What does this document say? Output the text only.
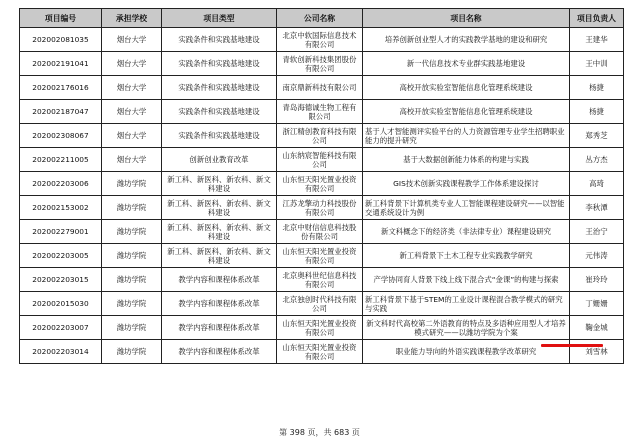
项目编号	承担学校	项目类型	公司名称	项目名称	项目负责人
202002081035	烟台大学	实践条件和实践基地建设	北京中软国际信息技术有限公司	培养创新创业型人才的实践教学基地的建设和研究	王建华
202002191041	烟台大学	实践条件和实践基地建设	青软创新科技集团股份有限公司	新一代信息技术专业群实践基地建设	王中训
202002176016	烟台大学	实践条件和实践基地建设	南京鼎新科技有限公司	高校开放实验室智能信息化管理系统建设	杨捷
202002187047	烟台大学	实践条件和实践基地建设	青岛海德诚生物工程有限公司	高校开放实验室智能信息化管理系统建设	杨捷
202002308067	烟台大学	实践条件和实践基地建设	浙江精创教育科技有限公司	基于人才智能测评实验平台的人力资源管理专业学生招聘职业能力的提升研究	郑秀芝
202002211005	烟台大学	创新创业教育改革	山东纳宸智能科技有限公司	基于大数据创新能力体系的构建与实践	丛方杰
202002203006	潍坊学院	新工科、新医科、新农科、新文科建设	山东恒天阳光置业投资有限公司	GIS技术创新实践课程教学工作体系建设探讨	高琦
202002153002	潍坊学院	新工科、新医科、新农科、新文科建设	江苏龙擎动力科技股份有限公司	新工科背景下计算机类专业人工智能课程建设研究——以智能交通系统设计为例	李秋潭
202002279001	潍坊学院	新工科、新医科、新农科、新文科建设	北京中财信信息科技股份有限公司	新文科概念下的经济类（非法律专业）课程建设研究	王治宁
202002203005	潍坊学院	新工科、新医科、新农科、新文科建设	山东恒天阳光置业投资有限公司	新工科背景下土木工程专业实践教学研究	元伟涛
202002203015	潍坊学院	教学内容和课程体系改革	北京奥科世纪信息科技有限公司	产学协同育人背景下线上线下混合式“金课”的构建与探索	崔玲玲
202002015030	潍坊学院	教学内容和课程体系改革	北京独创时代科技有限公司	新工科背景下基于STEM的工业设计课程混合教学模式的研究与实践	丁姗姗
202002203007	潍坊学院	教学内容和课程体系改革	山东恒天阳光置业投资有限公司	新文科时代高校第二外语教育的特点及多语种应用型人才培养模式研究——以潍坊学院为个案	鞠金城
202002203014	潍坊学院	教学内容和课程体系改革	山东恒天阳光置业投资有限公司	职业能力导向的外语实践课程教学改革研究	刘雪林
第 398 页，共 683 页
